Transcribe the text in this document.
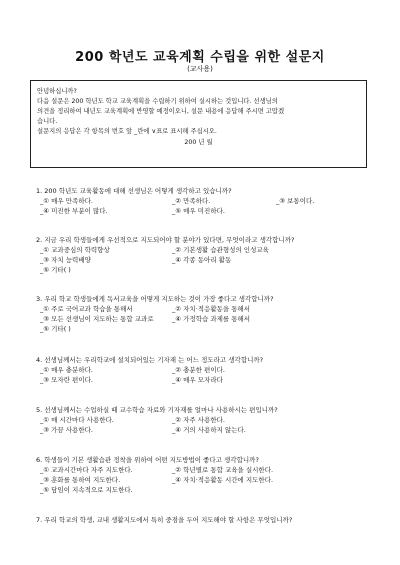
200 학년도 교육계획 수립을 위한 설문지
(교사용)

안녕하십니까?

다음 설문은 200 학년도 학교 교육계획을 수립하기 위하여 실시하는 것입니다. 선생님의

의견을 정리하여 내년도 교육계획에 반영할 예정이오니, 설문 내용에 응답해 주시면 고맙겠

습니다.

설문지의 응답은 각 항목의 번호 앞 _란에 ∨표로 표시해 주십시오.

200 년 월

1. 200 학년도 교육활동에 대해 선생님은 어떻게 생각하고 있습니까?
_① 매우 만족하다.	_② 만족하다.	_③ 보통이다.
_④ 미진한 부분이 많다.	_⑤ 매우 미진하다.
2. 지금 우리 학생들에게 우선적으로 지도되어야 할 분야가 있다면, 무엇이라고 생각합니까?
_① 교과중심의 학력향상	_② 기본생활 습관형성의 인성교육
_③ 자치 능력배양	_④ 각종 동아리 활동
_⑤ 기타( )
3. 우리 학교 학생들에게 독서교육을 어떻게 지도하는 것이 가장 좋다고 생각합니까?
_① 주로 국어교과 학습을 통해서	_② 자치·적응활동을 통해서
_③ 모든 선생님이 지도하는 통합 교과로	_④ 가정학습 과제를 통해서
_⑤ 기타( )
4. 선생님께서는 우리학교에 설치되어있는 기자재 는 어느 정도라고 생각합니까?
_① 매우 충분하다.	_② 충분한 편이다.
_③ 모자란 편이다.	_④ 매우 모자라다
5. 선생님께서는 수업하실 때 교수학습 자료와 기자재를 얼마나 사용하시는 편입니까?
_① 매 시간마다 사용한다.	_② 자주 사용한다.
_③ 가끔 사용한다.	_④ 거의 사용하지 않는다.
6. 학생들이 기본 생활습관 정착을 위하여 어떤 지도방법이 좋다고 생각합니까?
_① 교과시간마다 자주 지도한다.	_② 학년별로 통합 교육을 실시한다.
_③ 훈화를 통하여 지도한다.	_④ 자치·적응활동 시간에 지도한다.
_⑤ 담임이 지속적으로 지도한다.
7. 우리 학교의 학생, 교내 생활지도에서 특히 중점을 두어 지도해야 할 사항은 무엇입니까?
